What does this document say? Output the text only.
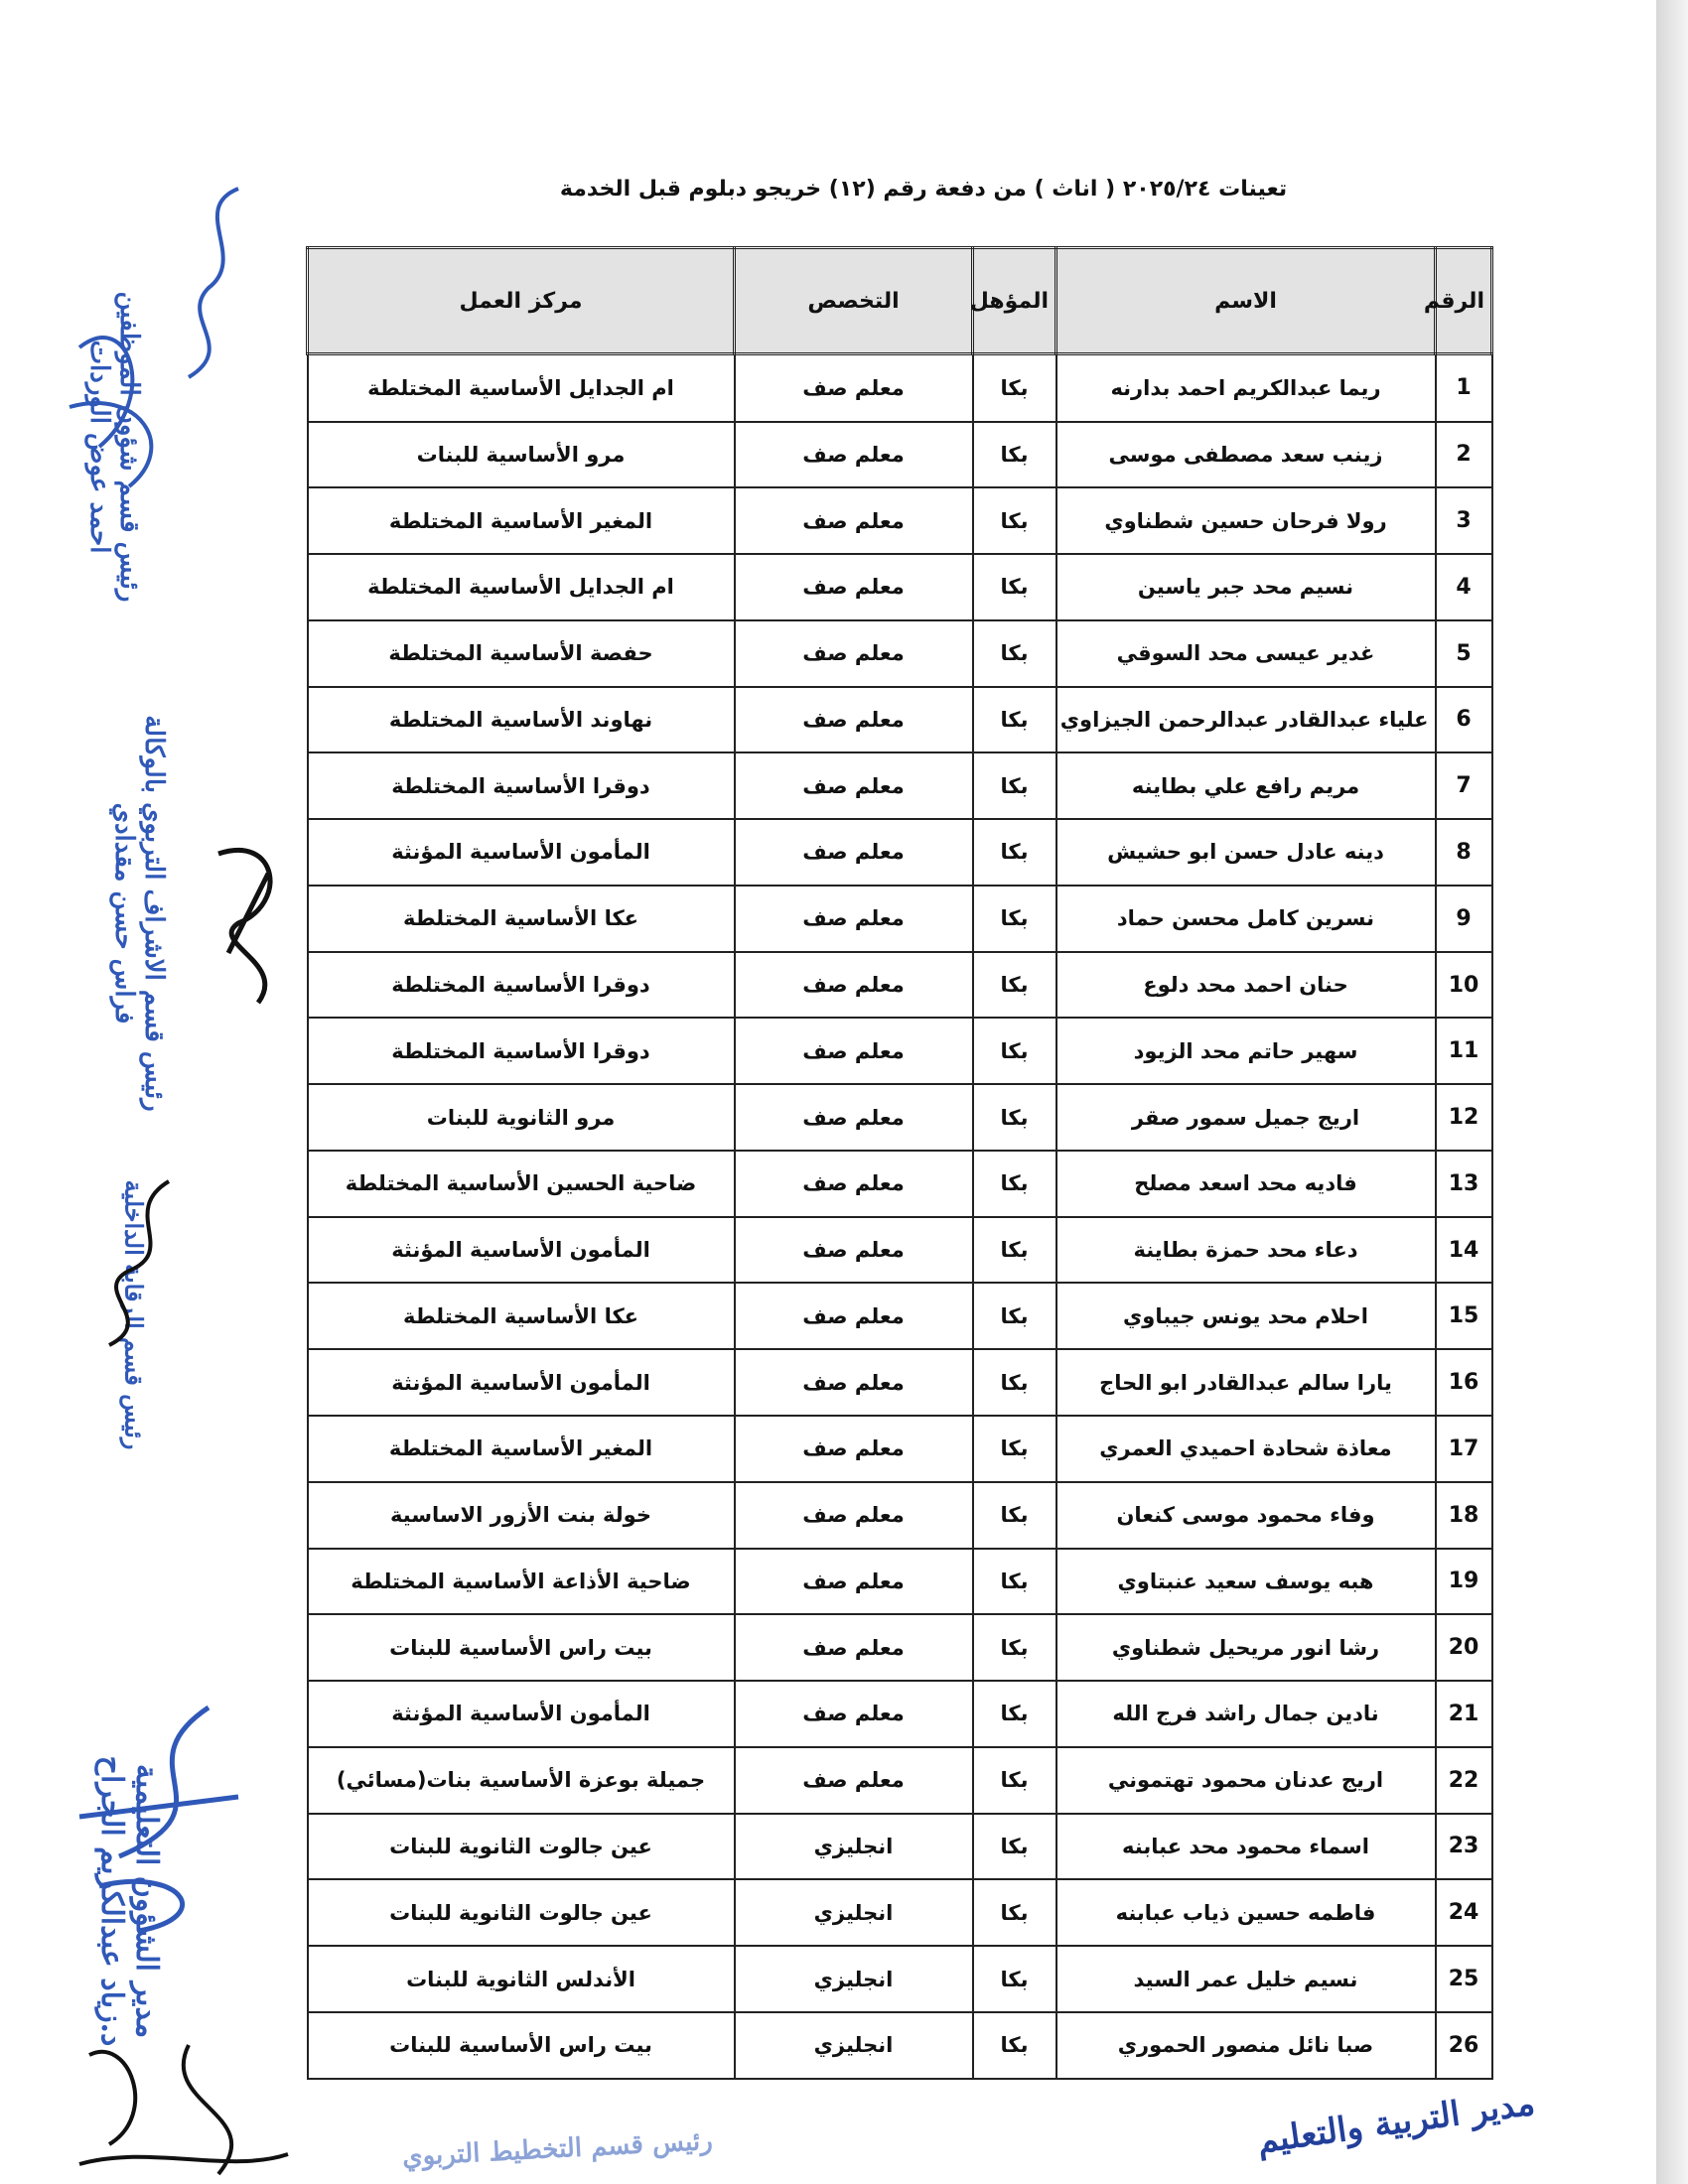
تعينات ٢٠٢٥/٢٤ ( اناث ) من دفعة رقم (١٢) خريجو دبلوم قبل الخدمة
الرقم	الاسم	المؤهل	التخصص	مركز العمل
1	ريما عبدالكريم احمد بدارنه	بكا	معلم صف	ام الجدايل الأساسية المختلطة
2	زينب سعد مصطفى موسى	بكا	معلم صف	مرو الأساسية للبنات
3	رولا فرحان حسين شطناوي	بكا	معلم صف	المغير الأساسية المختلطة
4	نسيم محد جبر ياسين	بكا	معلم صف	ام الجدايل الأساسية المختلطة
5	غدير عيسى محد السوقي	بكا	معلم صف	حفصة الأساسية المختلطة
6	علياء عبدالقادر عبدالرحمن الجيزاوي	بكا	معلم صف	نهاوند الأساسية المختلطة
7	مريم رافع علي بطاينه	بكا	معلم صف	دوقرا الأساسية المختلطة
8	دينه عادل حسن ابو حشيش	بكا	معلم صف	المأمون الأساسية المؤنثة
9	نسرين كامل محسن حماد	بكا	معلم صف	عكا الأساسية المختلطة
10	حنان احمد محد دلوع	بكا	معلم صف	دوقرا الأساسية المختلطة
11	سهير حاتم محد الزيود	بكا	معلم صف	دوقرا الأساسية المختلطة
12	اريج جميل سمور صقر	بكا	معلم صف	مرو الثانوية للبنات
13	فاديه محد اسعد مصلح	بكا	معلم صف	ضاحية الحسين الأساسية المختلطة
14	دعاء محد حمزة بطاينة	بكا	معلم صف	المأمون الأساسية المؤنثة
15	احلام محد يونس جيباوي	بكا	معلم صف	عكا الأساسية المختلطة
16	يارا سالم عبدالقادر ابو الحاج	بكا	معلم صف	المأمون الأساسية المؤنثة
17	معاذة شحادة احميدي العمري	بكا	معلم صف	المغير الأساسية المختلطة
18	وفاء محمود موسى كنعان	بكا	معلم صف	خولة بنت الأزور الاساسية
19	هبه يوسف سعيد عنبتاوي	بكا	معلم صف	ضاحية الأذاعة الأساسية المختلطة
20	رشا انور مريحيل شطناوي	بكا	معلم صف	بيت راس الأساسية للبنات
21	نادين جمال راشد فرج الله	بكا	معلم صف	المأمون الأساسية المؤنثة
22	اريج عدنان محمود تهتموني	بكا	معلم صف	جميلة بوعزة الأساسية بنات(مسائي)
23	اسماء محمود محد عبابنه	بكا	انجليزي	عين جالوت الثانوية للبنات
24	فاطمه حسين ذياب عبابنه	بكا	انجليزي	عين جالوت الثانوية للبنات
25	نسيم خليل عمر السيد	بكا	انجليزي	الأندلس الثانوية للبنات
26	صبا نائل منصور الحموري	بكا	انجليزي	بيت راس الأساسية للبنات
رئيس قسم شؤون الموظفين
احمد عوض الوردات
رئيس قسم الاشراف التربوي بالوكالة
فراس حسن مقدادي
رئيس قسم الرقابة الداخلية
مدير الشؤون التعليمية
د.زياد عبدالكريم الجراح
رئيس قسم التخطيط التربوي	مدير التربية والتعليم
